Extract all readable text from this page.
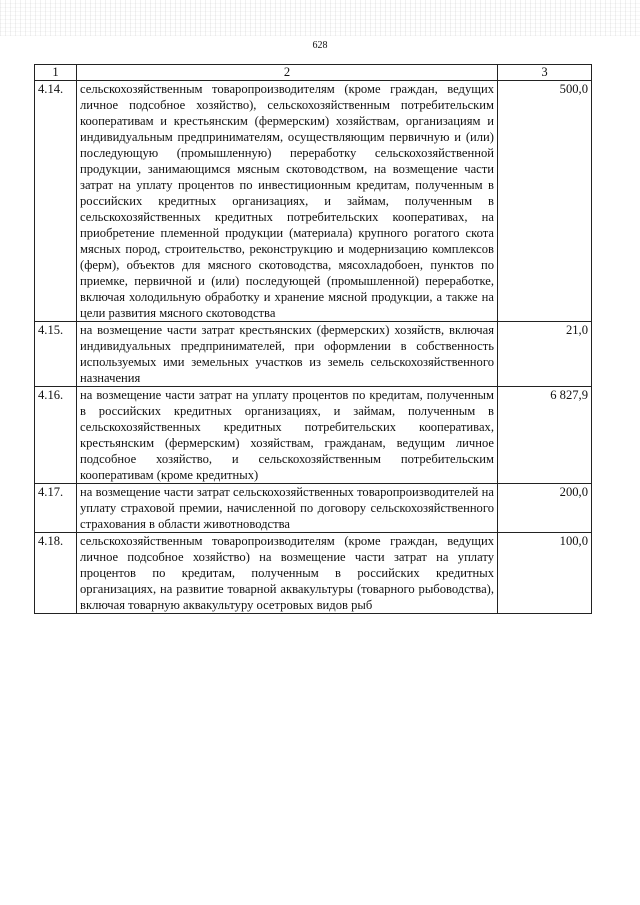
628
1	2	3
4.14.	сельскохозяйственным товаропроизводителям (кроме граждан, ведущих личное подсобное хозяйство), сельскохозяйственным потребительским кооперативам и крестьянским (фермерским) хозяйствам, организациям и индивидуальным предпринимателям, осуществляющим первичную и (или) последующую (промышленную) переработку сельскохозяйственной продукции, занимающимся мясным скотоводством, на возмещение части затрат на уплату процентов по инвестиционным кредитам, полученным в российских кредитных организациях, и займам, полученным в сельскохозяйственных кредитных потребительских кооперативах, на приобретение племенной продукции (материала) крупного рогатого скота мясных пород, строительство, реконструкцию и модернизацию комплексов (ферм), объектов для мясного скотоводства, мясохладобоен, пунктов по приемке, первичной и (или) последующей (промышленной) переработке, включая холодильную обработку и хранение мясной продукции, а также на цели развития мясного скотоводства	500,0
4.15.	на возмещение части затрат крестьянских (фермерских) хозяйств, включая индивидуальных предпринимателей, при оформлении в собственность используемых ими земельных участков из земель сельскохозяйственного назначения	21,0
4.16.	на возмещение части затрат на уплату процентов по кредитам, полученным в российских кредитных организациях, и займам, полученным в сельскохозяйственных кредитных потребительских кооперативах, крестьянским (фермерским) хозяйствам, гражданам, ведущим личное подсобное хозяйство, и сельскохозяйственным потребительским кооперативам (кроме кредитных)	6 827,9
4.17.	на возмещение части затрат сельскохозяйственных товаропроизводителей на уплату страховой премии, начисленной по договору сельскохозяйственного страхования в области животноводства	200,0
4.18.	сельскохозяйственным товаропроизводителям (кроме граждан, ведущих личное подсобное хозяйство) на возмещение части затрат на уплату процентов по кредитам, полученным в российских кредитных организациях, на развитие товарной аквакультуры (товарного рыбоводства), включая товарную аквакультуру осетровых видов рыб	100,0
